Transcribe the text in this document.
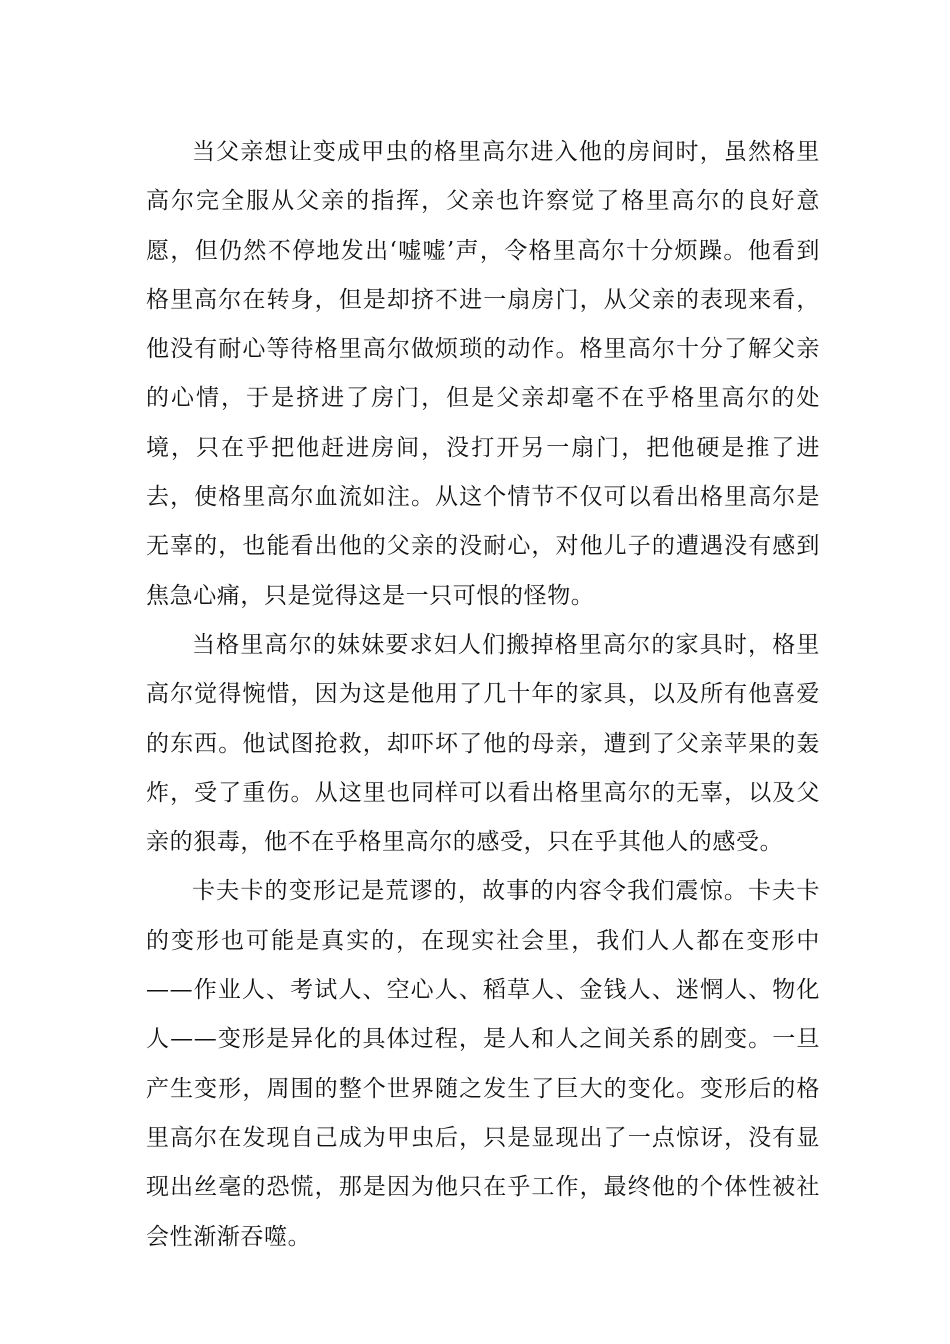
当父亲想让变成甲虫的格里高尔进入他的房间时，虽然格里高尔完全服从父亲的指挥，父亲也许察觉了格里高尔的良好意愿，但仍然不停地发出‘嘘嘘’声，令格里高尔十分烦躁。他看到格里高尔在转身，但是却挤不进一扇房门，从父亲的表现来看，他没有耐心等待格里高尔做烦琐的动作。格里高尔十分了解父亲的心情，于是挤进了房门，但是父亲却毫不在乎格里高尔的处境，只在乎把他赶进房间，没打开另一扇门，把他硬是推了进去，使格里高尔血流如注。从这个情节不仅可以看出格里高尔是无辜的，也能看出他的父亲的没耐心，对他儿子的遭遇没有感到焦急心痛，只是觉得这是一只可恨的怪物。

当格里高尔的妹妹要求妇人们搬掉格里高尔的家具时，格里高尔觉得惋惜，因为这是他用了几十年的家具，以及所有他喜爱的东西。他试图抢救，却吓坏了他的母亲，遭到了父亲苹果的轰炸，受了重伤。从这里也同样可以看出格里高尔的无辜，以及父亲的狠毒，他不在乎格里高尔的感受，只在乎其他人的感受。

卡夫卡的变形记是荒谬的，故事的内容令我们震惊。卡夫卡的变形也可能是真实的，在现实社会里，我们人人都在变形中——作业人、考试人、空心人、稻草人、金钱人、迷惘人、物化人——变形是异化的具体过程，是人和人之间关系的剧变。一旦产生变形，周围的整个世界随之发生了巨大的变化。变形后的格里高尔在发现自己成为甲虫后，只是显现出了一点惊讶，没有显现出丝毫的恐慌，那是因为他只在乎工作，最终他的个体性被社会性渐渐吞噬。
